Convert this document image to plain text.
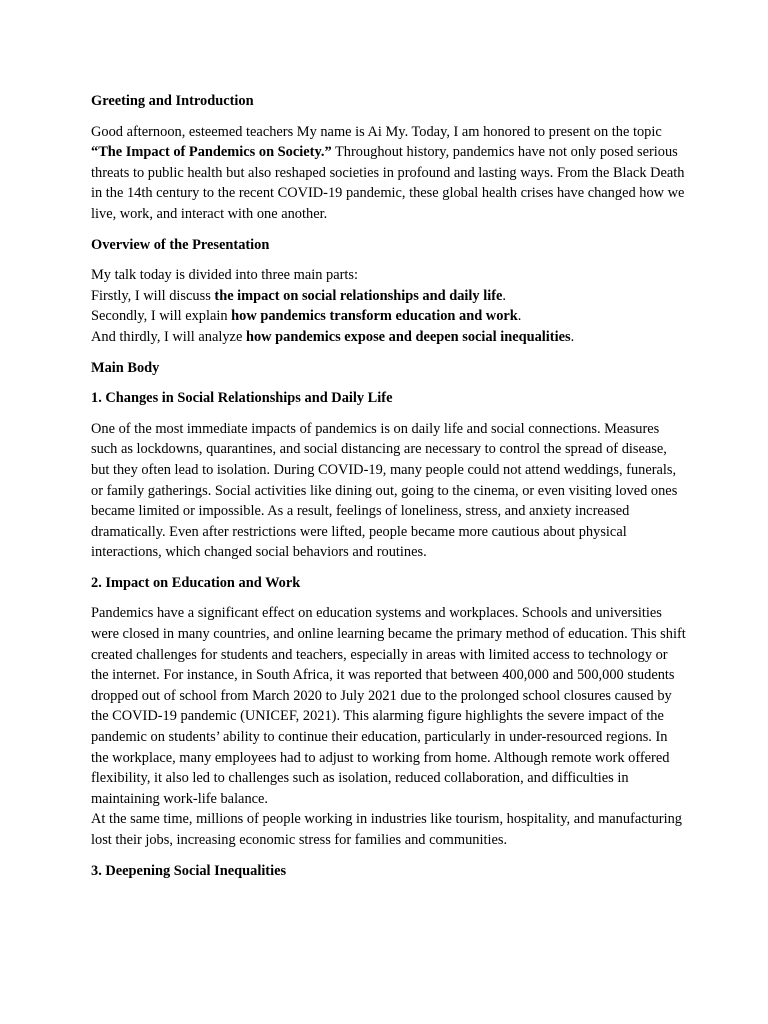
Greeting and Introduction

Good afternoon, esteemed teachers My name is Ai My. Today, I am honored to present on the topic “The Impact of Pandemics on Society.” Throughout history, pandemics have not only posed serious threats to public health but also reshaped societies in profound and lasting ways. From the Black Death in the 14th century to the recent COVID-19 pandemic, these global health crises have changed how we live, work, and interact with one another.

Overview of the Presentation

My talk today is divided into three main parts:
Firstly, I will discuss the impact on social relationships and daily life.
Secondly, I will explain how pandemics transform education and work.
And thirdly, I will analyze how pandemics expose and deepen social inequalities.

Main Body

1. Changes in Social Relationships and Daily Life

One of the most immediate impacts of pandemics is on daily life and social connections. Measures such as lockdowns, quarantines, and social distancing are necessary to control the spread of disease, but they often lead to isolation. During COVID-19, many people could not attend weddings, funerals, or family gatherings. Social activities like dining out, going to the cinema, or even visiting loved ones became limited or impossible. As a result, feelings of loneliness, stress, and anxiety increased dramatically. Even after restrictions were lifted, people became more cautious about physical interactions, which changed social behaviors and routines.

2. Impact on Education and Work

Pandemics have a significant effect on education systems and workplaces. Schools and universities were closed in many countries, and online learning became the primary method of education. This shift created challenges for students and teachers, especially in areas with limited access to technology or the internet. For instance, in South Africa, it was reported that between 400,000 and 500,000 students dropped out of school from March 2020 to July 2021 due to the prolonged school closures caused by the COVID-19 pandemic (UNICEF, 2021). This alarming figure highlights the severe impact of the pandemic on students’ ability to continue their education, particularly in under-resourced regions. In the workplace, many employees had to adjust to working from home. Although remote work offered flexibility, it also led to challenges such as isolation, reduced collaboration, and difficulties in maintaining work-life balance.
At the same time, millions of people working in industries like tourism, hospitality, and manufacturing lost their jobs, increasing economic stress for families and communities.

3. Deepening Social Inequalities
